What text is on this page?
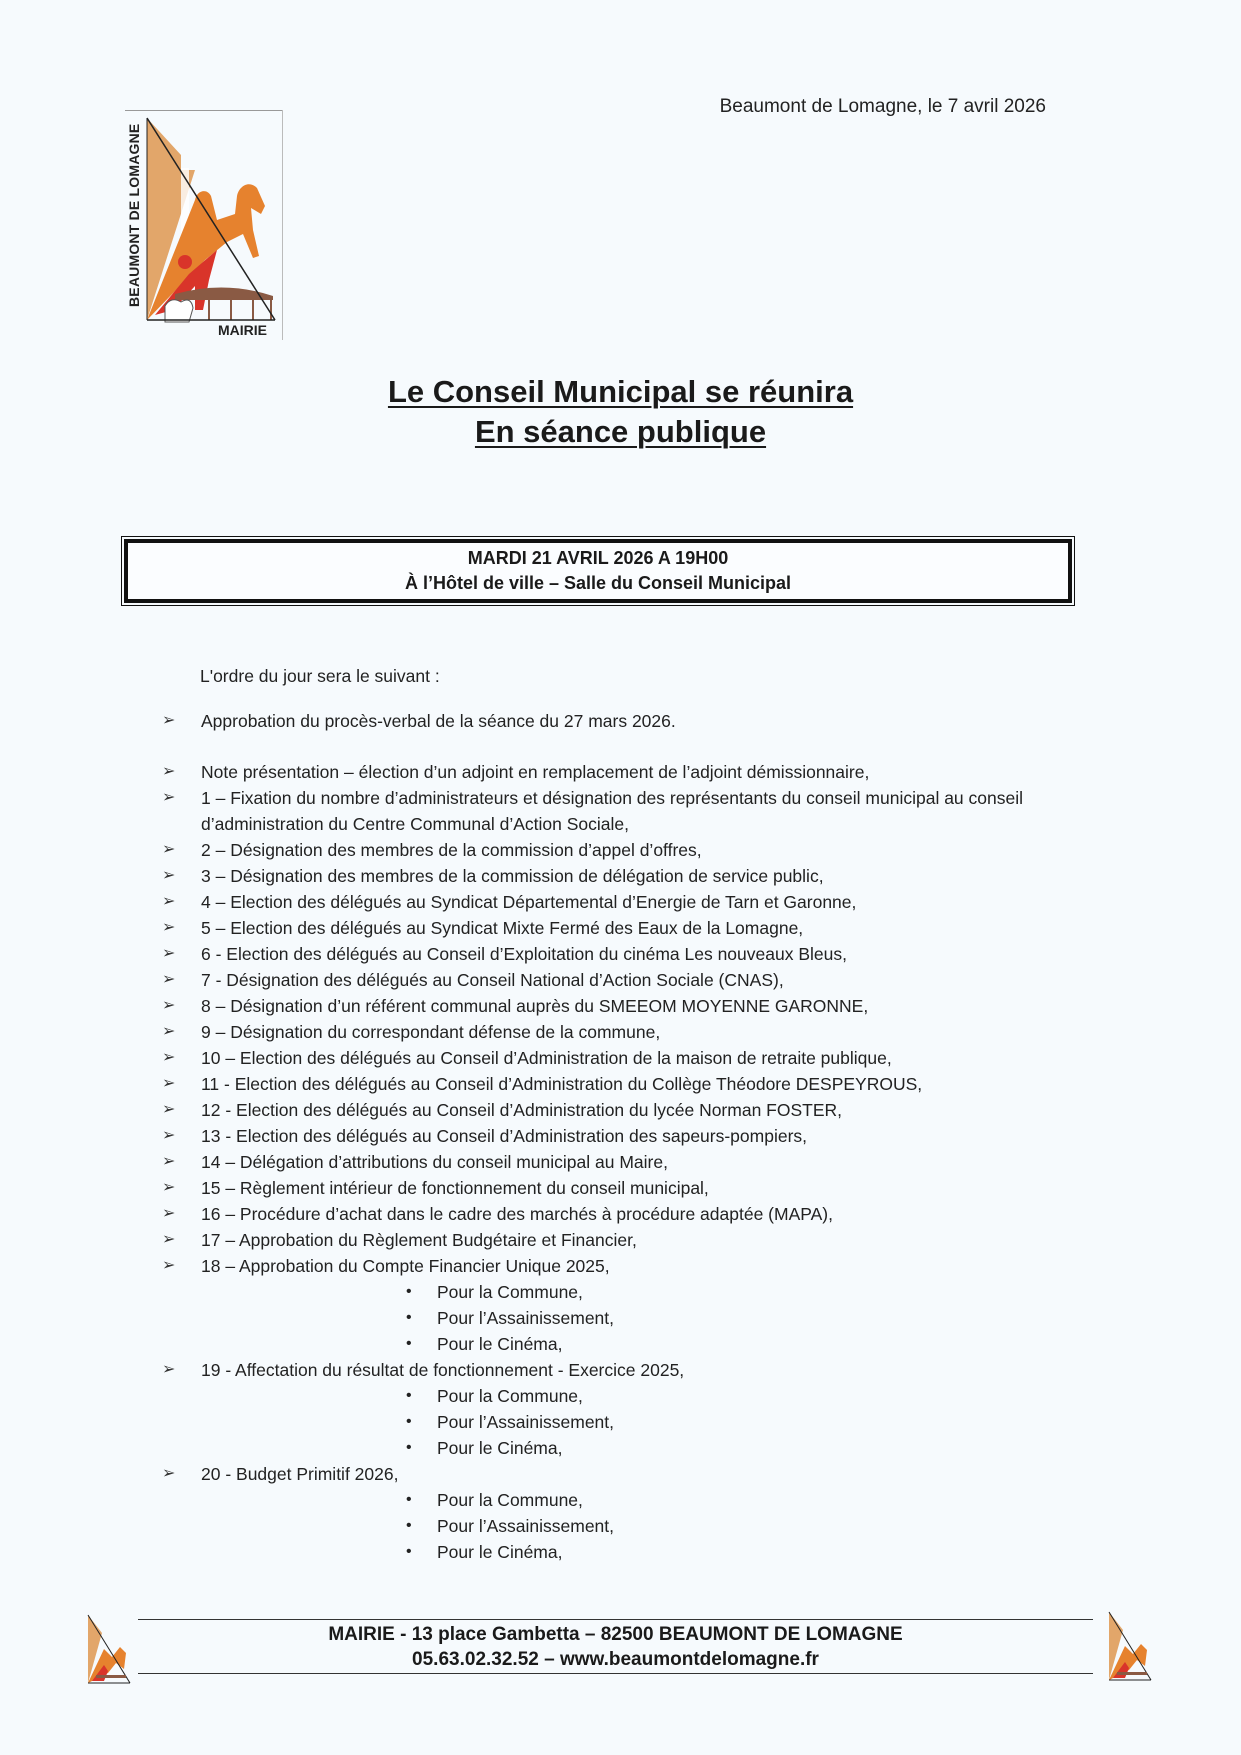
BEAUMONT DE LOMAGNE
MAIRIE
Beaumont de Lomagne, le 7 avril 2026
Le Conseil Municipal se réunira
En séance publique
MARDI 21 AVRIL 2026 A 19H00
À l’Hôtel de ville – Salle du Conseil Municipal
L'ordre du jour sera le suivant :
➢ Approbation du procès-verbal de la séance du 27 mars 2026.
➢ Note présentation – élection d’un adjoint en remplacement de l’adjoint démissionnaire,
➢ 1 – Fixation du nombre d’administrateurs et désignation des représentants du conseil municipal au conseil d’administration du Centre Communal d’Action Sociale,
➢ 2 – Désignation des membres de la commission d’appel d’offres,
➢ 3 – Désignation des membres de la commission de délégation de service public,
➢ 4 – Election des délégués au Syndicat Départemental d’Energie de Tarn et Garonne,
➢ 5 – Election des délégués au Syndicat Mixte Fermé des Eaux de la Lomagne,
➢ 6 - Election des délégués au Conseil d’Exploitation du cinéma Les nouveaux Bleus,
➢ 7 - Désignation des délégués au Conseil National d’Action Sociale (CNAS),
➢ 8 – Désignation d’un référent communal auprès du SMEEOM MOYENNE GARONNE,
➢ 9 – Désignation du correspondant défense de la commune,
➢ 10 – Election des délégués au Conseil d’Administration de la maison de retraite publique,
➢ 11 - Election des délégués au Conseil d’Administration du Collège Théodore DESPEYROUS,
➢ 12 - Election des délégués au Conseil d’Administration du lycée Norman FOSTER,
➢ 13 - Election des délégués au Conseil d’Administration des sapeurs-pompiers,
➢ 14 – Délégation d’attributions du conseil municipal au Maire,
➢ 15 – Règlement intérieur de fonctionnement du conseil municipal,
➢ 16 – Procédure d’achat dans le cadre des marchés à procédure adaptée (MAPA),
➢ 17 – Approbation du Règlement Budgétaire et Financier,
➢ 18 – Approbation du Compte Financier Unique 2025,
• Pour la Commune,
• Pour l’Assainissement,
• Pour le Cinéma,
➢ 19 - Affectation du résultat de fonctionnement - Exercice 2025,
• Pour la Commune,
• Pour l’Assainissement,
• Pour le Cinéma,
➢ 20 - Budget Primitif 2026,
• Pour la Commune,
• Pour l’Assainissement,
• Pour le Cinéma,
MAIRIE - 13 place Gambetta – 82500 BEAUMONT DE LOMAGNE
05.63.02.32.52 – www.beaumontdelomagne.fr
